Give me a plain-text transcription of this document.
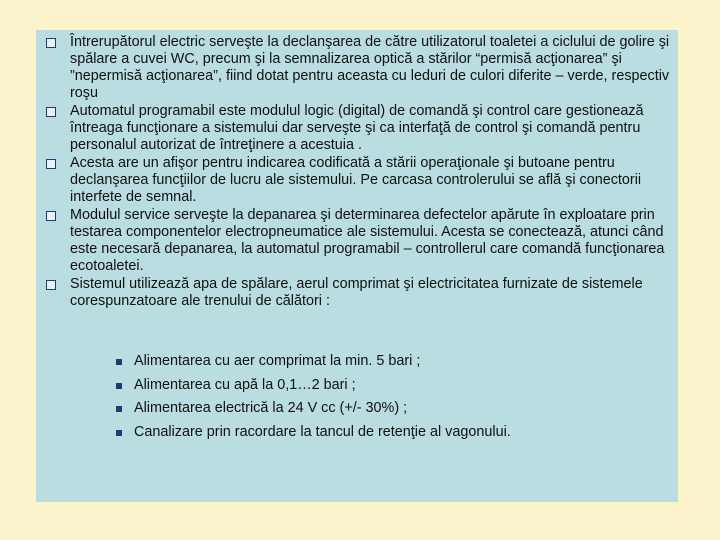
Întrerupătorul electric serveşte la declanşarea de către utilizatorul toaletei a ciclului de golire şi spălare a cuvei WC, precum şi la semnalizarea optică a stărilor “permisă acţionarea” şi ”nepermisă acţionarea”, fiind dotat pentru aceasta cu leduri de culori diferite – verde, respectiv roşu
Automatul programabil este modulul logic (digital) de comandă şi control care gestionează întreaga funcţionare a sistemului dar serveşte şi ca interfaţă de control şi comandă pentru personalul autorizat de întreţinere a acestuia .
Acesta are un afişor pentru indicarea codificată a stării operaţionale şi butoane pentru declanşarea funcţiilor de lucru ale sistemului. Pe carcasa controlerului se află şi conectorii interfete de semnal.
Modulul service serveşte la depanarea şi determinarea defectelor apărute în exploatare prin testarea componentelor electropneumatice ale sistemului. Acesta se conectează, atunci când este necesară depanarea, la automatul programabil – controllerul care comandă funcţionarea ecotoaletei.
Sistemul utilizează apa de spălare, aerul comprimat şi electricitatea furnizate de sistemele corespunzatoare ale trenului de călători :
Alimentarea cu aer comprimat la min. 5 bari ;
Alimentarea cu apă la 0,1…2 bari ;
Alimentarea electrică la 24 V cc (+/- 30%) ;
Canalizare prin racordare la tancul de retenţie al vagonului.
